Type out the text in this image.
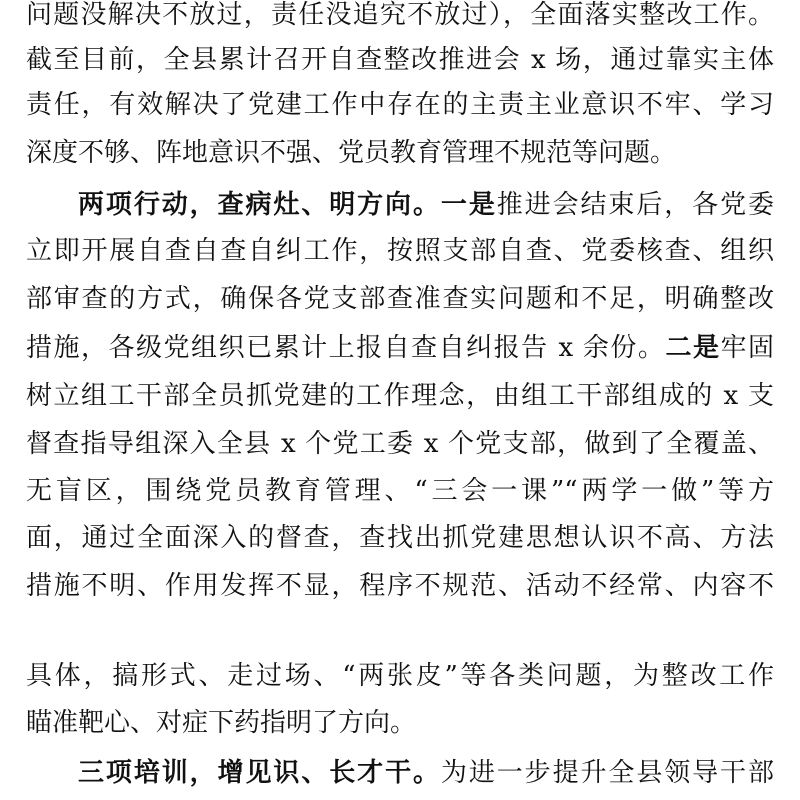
问题没解决不放过，责任没追究不放过），全面落实整改工作。
截至目前，全县累计召开自查整改推进会 x 场，通过靠实主体
责任，有效解决了党建工作中存在的主责主业意识不牢、学习
深度不够、阵地意识不强、党员教育管理不规范等问题。
两项行动，查病灶、明方向。一是推进会结束后，各党委
立即开展自查自查自纠工作，按照支部自查、党委核查、组织
部审查的方式，确保各党支部查准查实问题和不足，明确整改
措施，各级党组织已累计上报自查自纠报告 x 余份。二是牢固
树立组工干部全员抓党建的工作理念，由组工干部组成的 x 支
督查指导组深入全县 x 个党工委 x 个党支部，做到了全覆盖、
无盲区，围绕党员教育管理、“三会一课”“两学一做”等方
面，通过全面深入的督查，查找出抓党建思想认识不高、方法
措施不明、作用发挥不显，程序不规范、活动不经常、内容不
具体，搞形式、走过场、“两张皮”等各类问题，为整改工作
瞄准靶心、对症下药指明了方向。
三项培训，增见识、长才干。为进一步提升全县领导干部
